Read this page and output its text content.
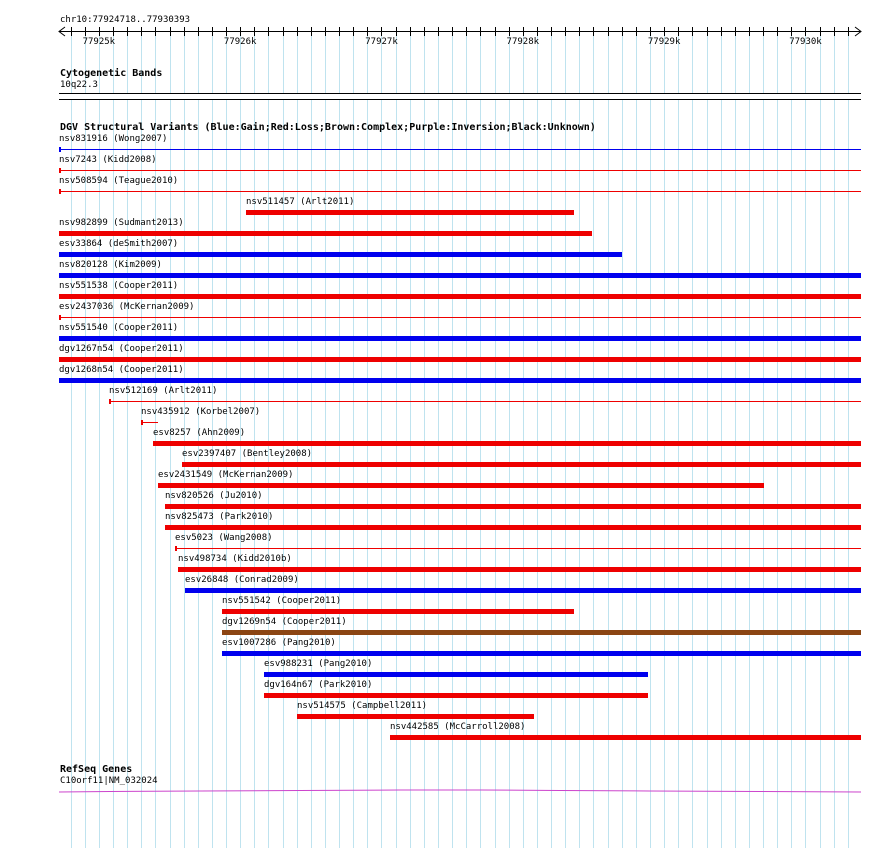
chr10:77924718..77930393
77925k	77926k	77927k	77928k	77929k	77930k
Cytogenetic Bands
10q22.3
DGV Structural Variants (Blue:Gain;Red:Loss;Brown:Complex;Purple:Inversion;Black:Unknown)
nsv831916 (Wong2007)
nsv7243 (Kidd2008)
nsv508594 (Teague2010)
nsv511457 (Arlt2011)
nsv982899 (Sudmant2013)
esv33864 (deSmith2007)
nsv820128 (Kim2009)
nsv551538 (Cooper2011)
esv2437036 (McKernan2009)
nsv551540 (Cooper2011)
dgv1267n54 (Cooper2011)
dgv1268n54 (Cooper2011)
nsv512169 (Arlt2011)
nsv435912 (Korbel2007)
esv8257 (Ahn2009)
esv2397407 (Bentley2008)
esv2431549 (McKernan2009)
nsv820526 (Ju2010)
nsv825473 (Park2010)
esv5023 (Wang2008)
nsv498734 (Kidd2010b)
esv26848 (Conrad2009)
nsv551542 (Cooper2011)
dgv1269n54 (Cooper2011)
esv1007286 (Pang2010)
esv988231 (Pang2010)
dgv164n67 (Park2010)
nsv514575 (Campbell2011)
nsv442585 (McCarroll2008)
RefSeq Genes
C10orf11|NM_032024
